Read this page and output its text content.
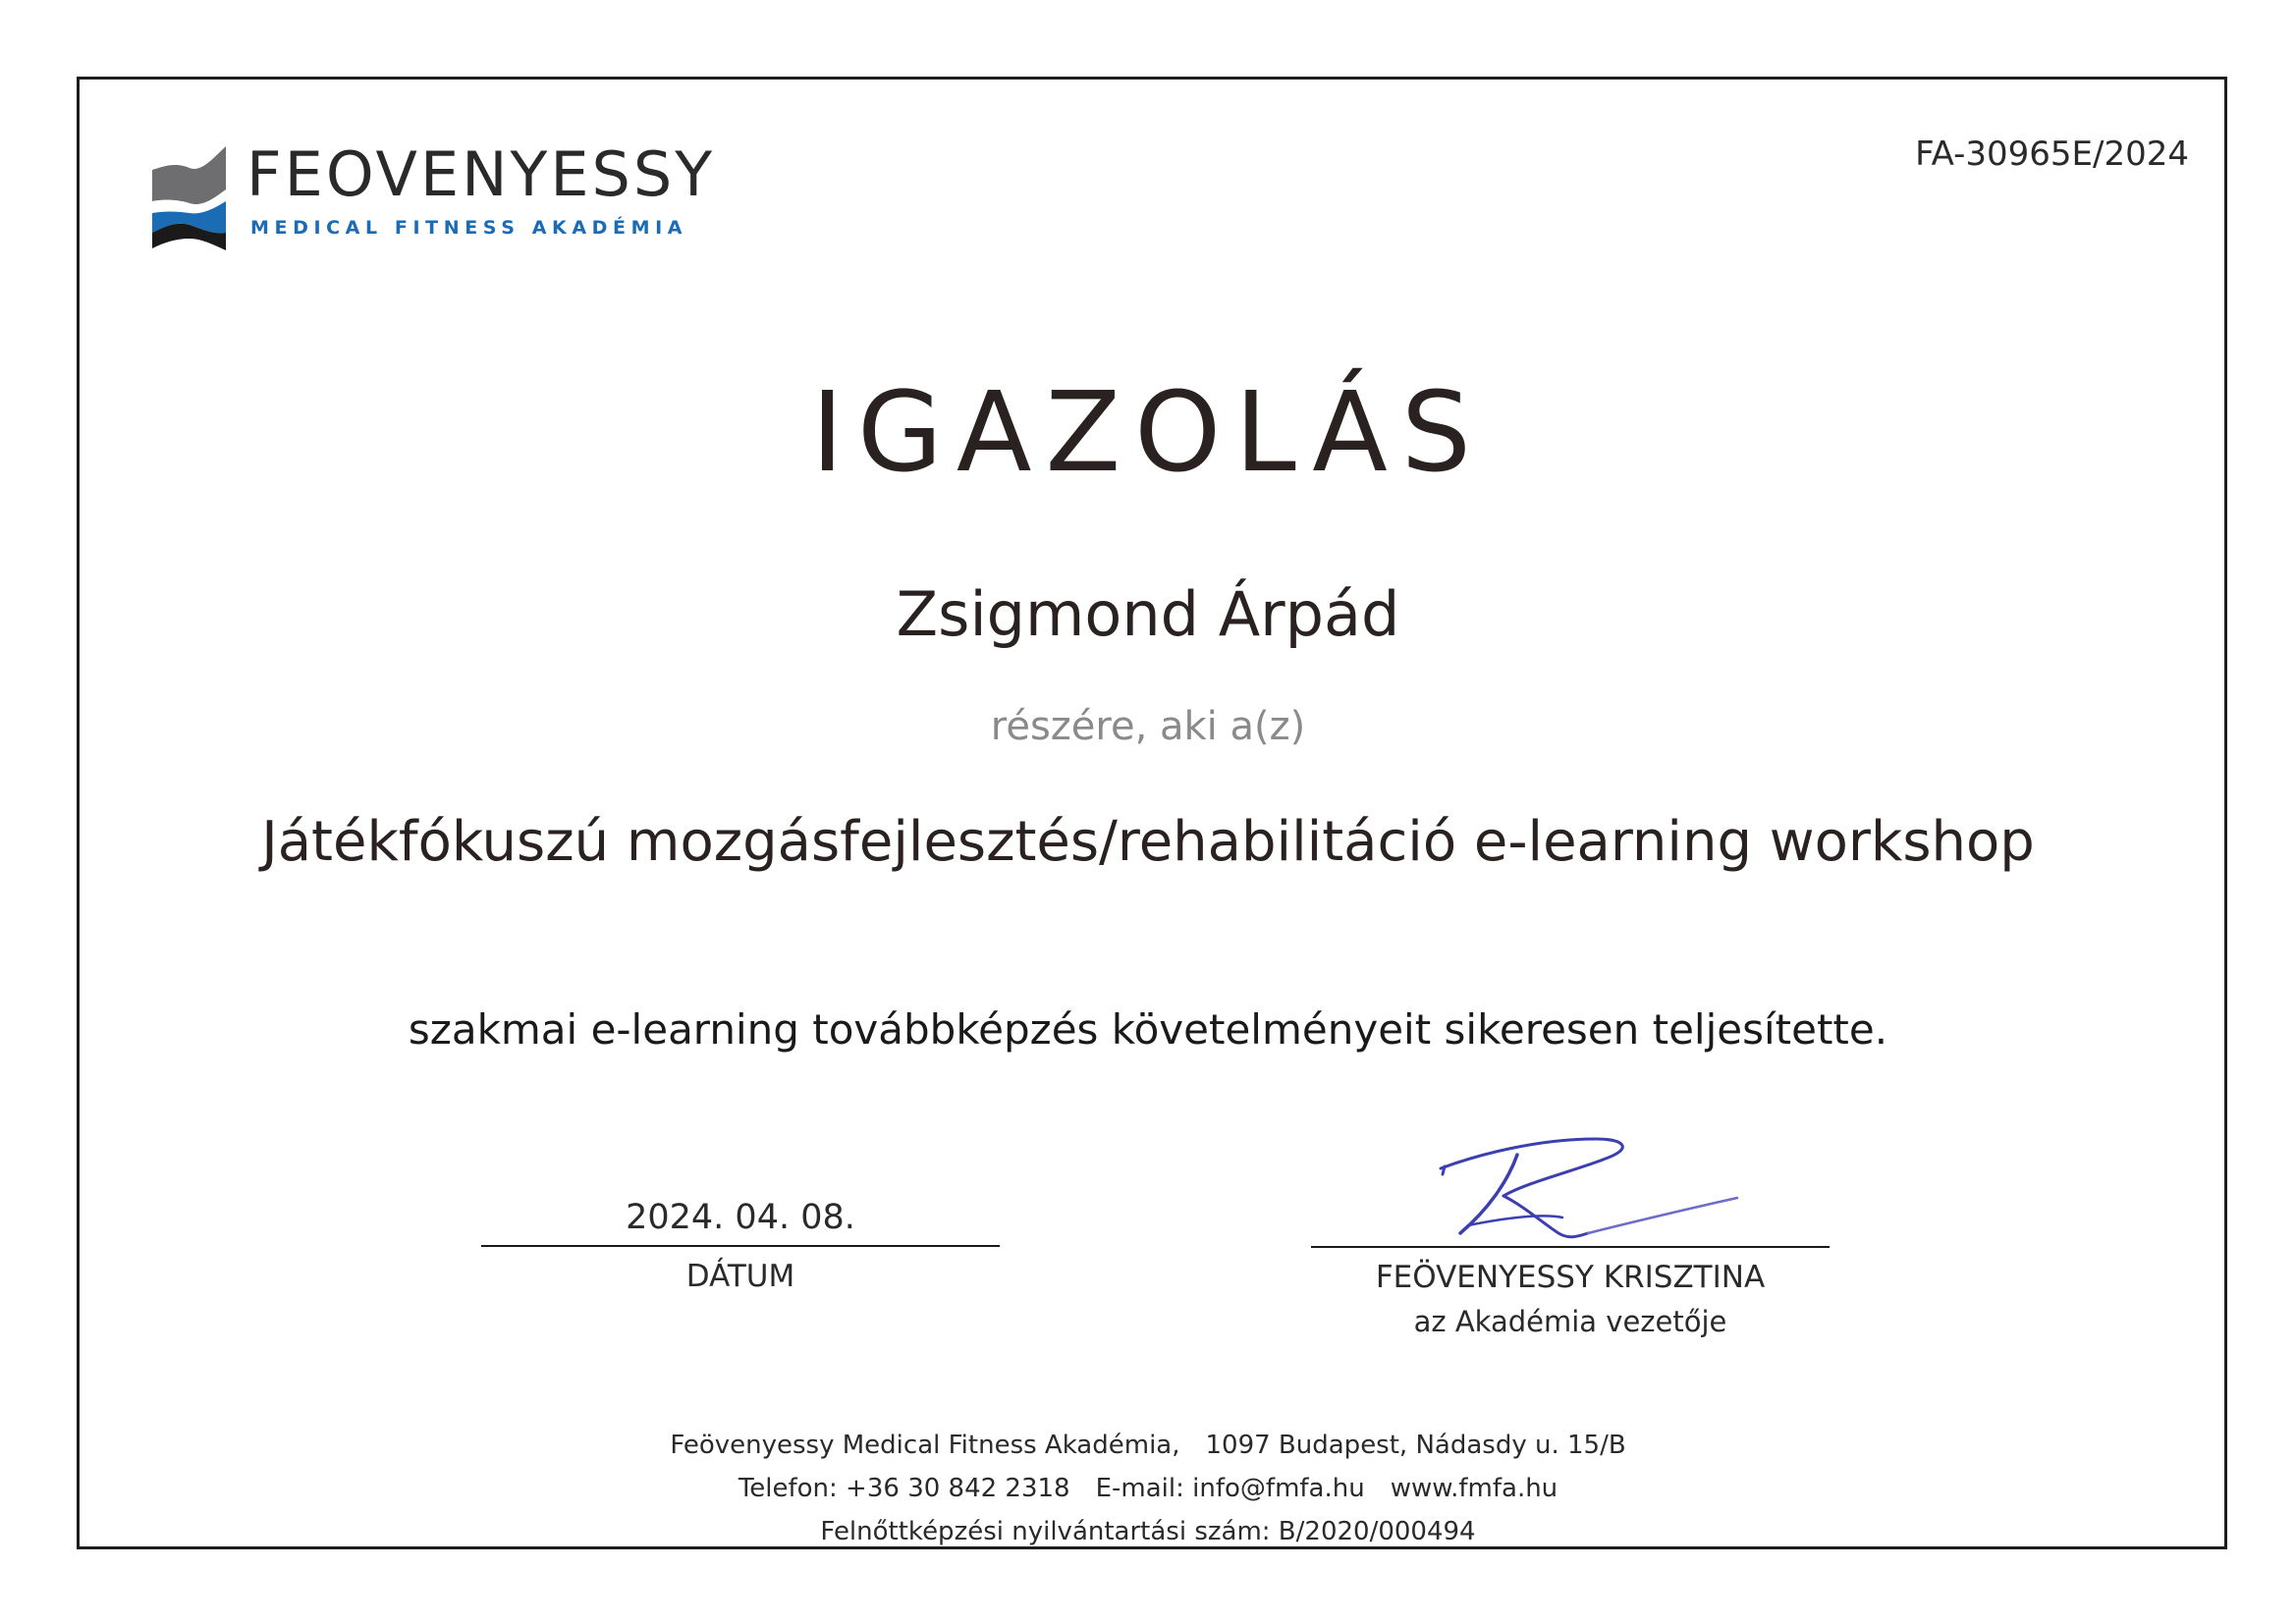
FEOVENYESSY
MEDICAL FITNESS AKADÉMIA
FA-30965E/2024
IGAZOLÁS
Zsigmond Árpád
részére, aki a(z)
Játékfókuszú mozgásfejlesztés/rehabilitáció e-learning workshop
szakmai e-learning továbbképzés követelményeit sikeresen teljesítette.
2024. 04. 08.
DÁTUM	FEÖVENYESSY KRISZTINA
az Akadémia vezetője
Feövenyessy Medical Fitness Akadémia, 1097 Budapest, Nádasdy u. 15/B
Telefon: +36 30 842 2318 E-mail: info@fmfa.hu www.fmfa.hu
Felnőttképzési nyilvántartási szám: B/2020/000494
